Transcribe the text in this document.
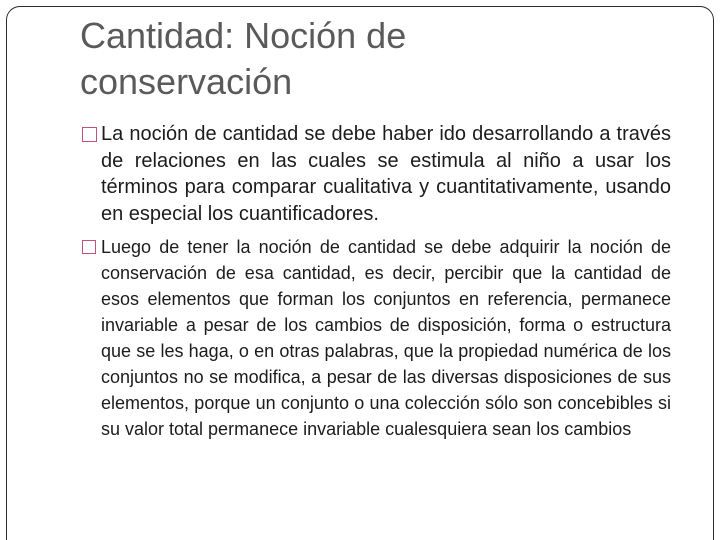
Cantidad: Noción de
conservación
La noción de cantidad se debe haber ido desarrollando a través de relaciones en las cuales se estimula al niño a usar los términos para comparar cualitativa y cuantitativamente, usando en especial los cuantificadores.
Luego de tener la noción de cantidad se debe adquirir la noción de conservación de esa cantidad, es decir, percibir que la cantidad de esos elementos que forman los conjuntos en referencia, permanece invariable a pesar de los cambios de disposición, forma o estructura que se les haga, o en otras palabras, que la propiedad numérica de los conjuntos no se modifica, a pesar de las diversas disposiciones de sus elementos, porque un conjunto o una colección sólo son concebibles si su valor total permanece invariable cualesquiera sean los cambios
